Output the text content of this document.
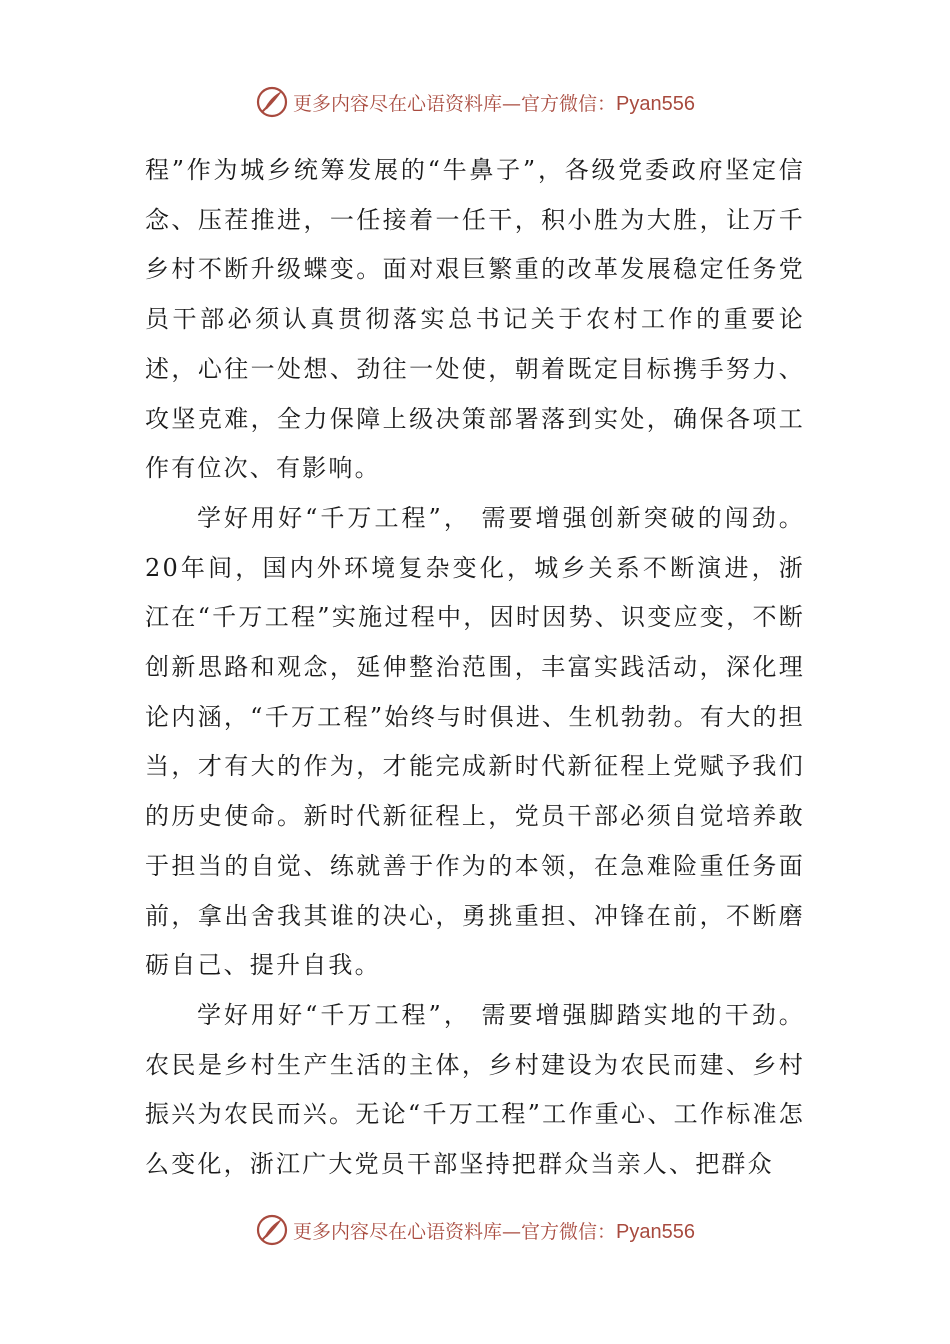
更多内容尽在心语资料库—官方微信：Pyan556

程”作为城乡统筹发展的“牛鼻子”，各级党委政府坚定信念、压茬推进，一任接着一任干，积小胜为大胜，让万千乡村不断升级蝶变。面对艰巨繁重的改革发展稳定任务党员干部必须认真贯彻落实总书记关于农村工作的重要论述，心往一处想、劲往一处使，朝着既定目标携手努力、攻坚克难，全力保障上级决策部署落到实处，确保各项工作有位次、有影响。

学好用好“千万工程”， 需要增强创新突破的闯劲。20年间，国内外环境复杂变化，城乡关系不断演进，浙江在“千万工程”实施过程中，因时因势、识变应变，不断创新思路和观念，延伸整治范围，丰富实践活动，深化理论内涵，“千万工程”始终与时俱进、生机勃勃。有大的担当，才有大的作为，才能完成新时代新征程上党赋予我们的历史使命。新时代新征程上，党员干部必须自觉培养敢于担当的自觉、练就善于作为的本领，在急难险重任务面前，拿出舍我其谁的决心，勇挑重担、冲锋在前，不断磨砺自己、提升自我。

学好用好“千万工程”， 需要增强脚踏实地的干劲。农民是乡村生产生活的主体，乡村建设为农民而建、乡村振兴为农民而兴。无论“千万工程”工作重心、工作标准怎么变化，浙江广大党员干部坚持把群众当亲人、把群众

更多内容尽在心语资料库—官方微信：Pyan556
